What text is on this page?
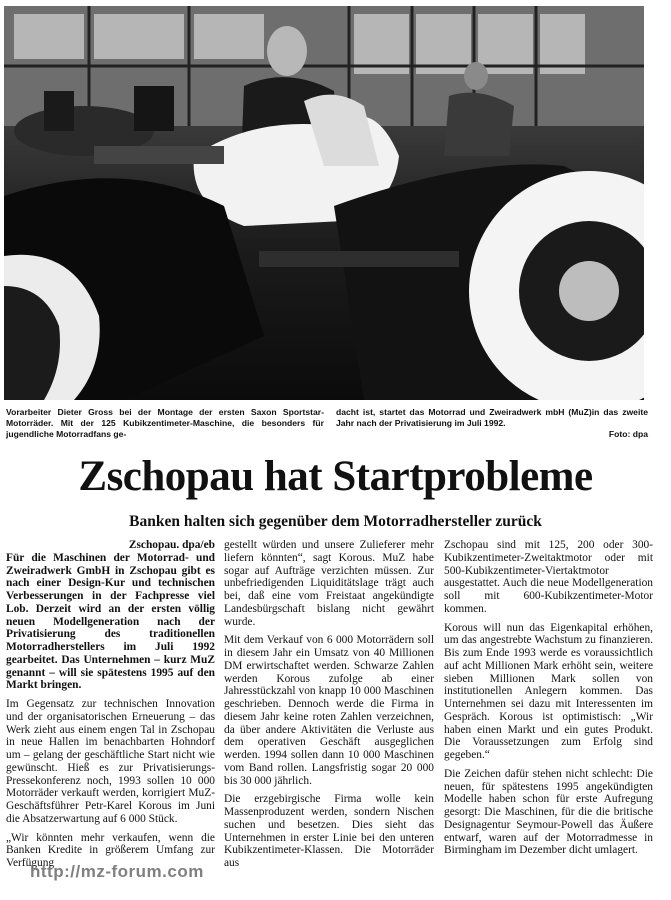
Vorarbeiter Dieter Gross bei der Montage der ersten Saxon Sportstar-Motorräder. Mit der 125 Kubikzentimeter-Maschine, die besonders für jugendliche Motorradfans ge-
dacht ist, startet das Motorrad und Zweiradwerk mbH (MuZ)in das zweite Jahr nach der Privatisierung im Juli 1992.
Foto: dpa
Zschopau hat Startprobleme
Banken halten sich gegenüber dem Motorradhersteller zurück

Zschopau. dpa/eb

Für die Maschinen der Motorrad- und Zweiradwerk GmbH in Zschopau gibt es nach einer Design-Kur und technischen Verbesserungen in der Fachpresse viel Lob. Derzeit wird an der ersten völlig neuen Modellgeneration nach der Privatisierung des traditionellen Motorradherstellers im Juli 1992 gearbeitet. Das Unternehmen – kurz MuZ genannt – will sie spätestens 1995 auf den Markt bringen.

Im Gegensatz zur technischen Innovation und der organisatorischen Erneuerung – das Werk zieht aus einem engen Tal in Zschopau in neue Hallen im benachbarten Hohndorf um – gelang der geschäftliche Start nicht wie gewünscht. Hieß es zur Privatisierungs-Pressekonferenz noch, 1993 sollen 10 000 Motorräder verkauft werden, korrigiert MuZ-Geschäftsführer Petr-Karel Korous im Juni die Absatzerwartung auf 6 000 Stück.

„Wir könnten mehr verkaufen, wenn die Banken Kredite in größerem Umfang zur Verfügung

gestellt würden und unsere Zulieferer mehr liefern könnten“, sagt Korous. MuZ habe sogar auf Aufträge verzichten müssen. Zur unbefriedigenden Liquiditätslage trägt auch bei, daß eine vom Freistaat angekündigte Landesbürgschaft bislang nicht gewährt wurde.

Mit dem Verkauf von 6 000 Motorrädern soll in diesem Jahr ein Umsatz von 40 Millionen DM erwirtschaftet werden. Schwarze Zahlen werden Korous zufolge ab einer Jahresstückzahl von knapp 10 000 Maschinen geschrieben. Dennoch werde die Firma in diesem Jahr keine roten Zahlen verzeichnen, da über andere Aktivitäten die Verluste aus dem operativen Geschäft ausgeglichen werden. 1994 sollen dann 10 000 Maschinen vom Band rollen. Langsfristig sogar 20 000 bis 30 000 jährlich.

Die erzgebirgische Firma wolle kein Massenproduzent werden, sondern Nischen suchen und besetzen. Dies sieht das Unternehmen in erster Linie bei den unteren Kubikzentimeter-Klassen. Die Motorräder aus

Zschopau sind mit 125, 200 oder 300-Kubikzentimeter-Zweitaktmotor oder mit 500-Kubikzentimeter-Viertaktmotor ausgestattet. Auch die neue Modellgeneration soll mit 600-Kubikzentimeter-Motor kommen.

Korous will nun das Eigenkapital erhöhen, um das angestrebte Wachstum zu finanzieren. Bis zum Ende 1993 werde es voraussichtlich auf acht Millionen Mark erhöht sein, weitere sieben Millionen Mark sollen von institutionellen Anlegern kommen. Das Unternehmen sei dazu mit Interessenten im Gespräch. Korous ist optimistisch: „Wir haben einen Markt und ein gutes Produkt. Die Voraussetzungen zum Erfolg sind gegeben.“

Die Zeichen dafür stehen nicht schlecht: Die neuen, für spätestens 1995 angekündigten Modelle haben schon für erste Aufregung gesorgt: Die Maschinen, für die die britische Designagentur Seymour-Powell das Äußere entwarf, waren auf der Motorradmesse in Birmingham im Dezember dicht umlagert.

http://mz-forum.com
